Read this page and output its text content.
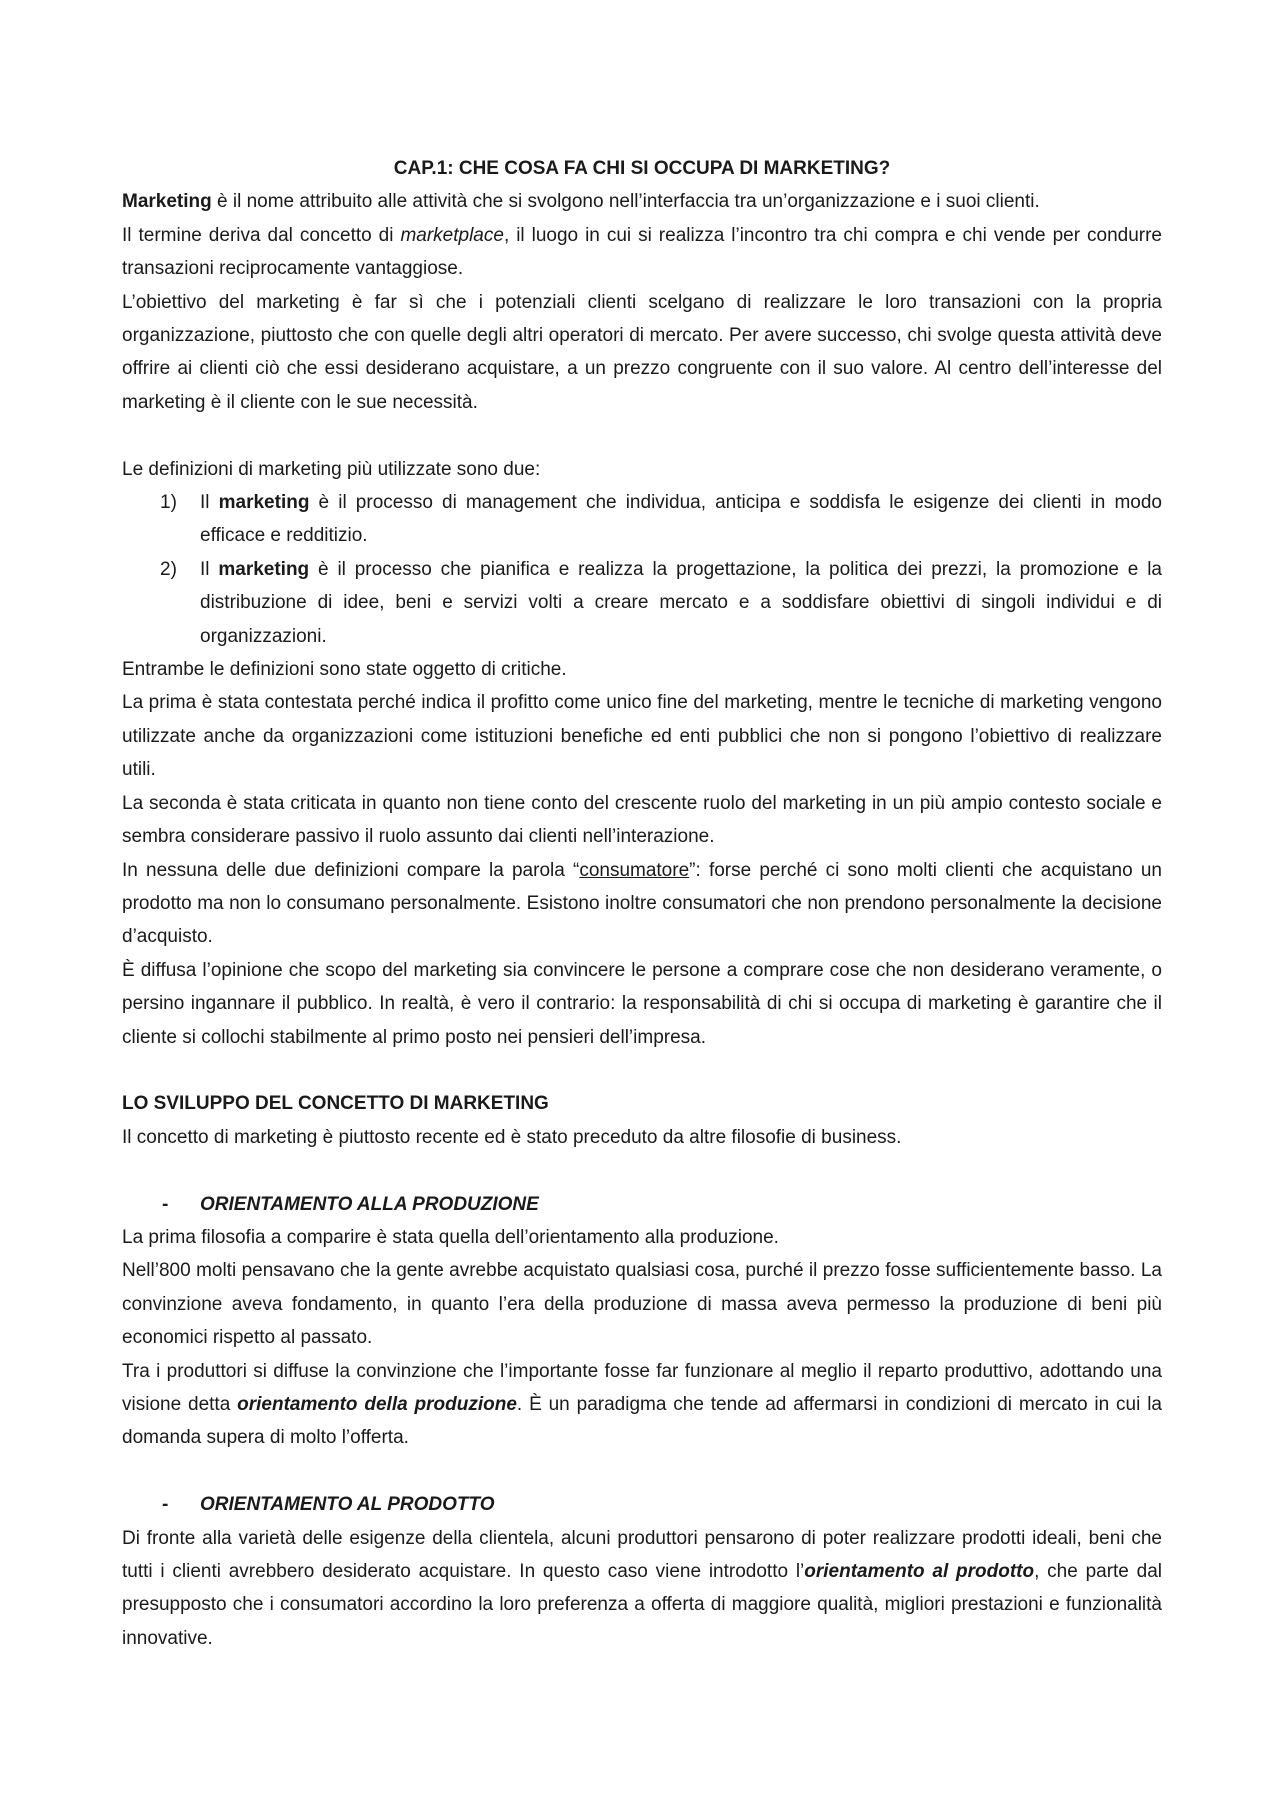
CAP.1: CHE COSA FA CHI SI OCCUPA DI MARKETING?

Marketing è il nome attribuito alle attività che si svolgono nell’interfaccia tra un’organizzazione e i suoi clienti.

Il termine deriva dal concetto di marketplace, il luogo in cui si realizza l’incontro tra chi compra e chi vende per condurre transazioni reciprocamente vantaggiose.

L’obiettivo del marketing è far sì che i potenziali clienti scelgano di realizzare le loro transazioni con la propria organizzazione, piuttosto che con quelle degli altri operatori di mercato. Per avere successo, chi svolge questa attività deve offrire ai clienti ciò che essi desiderano acquistare, a un prezzo congruente con il suo valore. Al centro dell’interesse del marketing è il cliente con le sue necessità.

Le definizioni di marketing più utilizzate sono due:

1) Il marketing è il processo di management che individua, anticipa e soddisfa le esigenze dei clienti in modo efficace e redditizio.
2) Il marketing è il processo che pianifica e realizza la progettazione, la politica dei prezzi, la promozione e la distribuzione di idee, beni e servizi volti a creare mercato e a soddisfare obiettivi di singoli individui e di organizzazioni.

Entrambe le definizioni sono state oggetto di critiche.

La prima è stata contestata perché indica il profitto come unico fine del marketing, mentre le tecniche di marketing vengono utilizzate anche da organizzazioni come istituzioni benefiche ed enti pubblici che non si pongono l’obiettivo di realizzare utili.

La seconda è stata criticata in quanto non tiene conto del crescente ruolo del marketing in un più ampio contesto sociale e sembra considerare passivo il ruolo assunto dai clienti nell’interazione.

In nessuna delle due definizioni compare la parola “consumatore”: forse perché ci sono molti clienti che acquistano un prodotto ma non lo consumano personalmente. Esistono inoltre consumatori che non prendono personalmente la decisione d’acquisto.

È diffusa l’opinione che scopo del marketing sia convincere le persone a comprare cose che non desiderano veramente, o persino ingannare il pubblico. In realtà, è vero il contrario: la responsabilità di chi si occupa di marketing è garantire che il cliente si collochi stabilmente al primo posto nei pensieri dell’impresa.

LO SVILUPPO DEL CONCETTO DI MARKETING

Il concetto di marketing è piuttosto recente ed è stato preceduto da altre filosofie di business.

- ORIENTAMENTO ALLA PRODUZIONE

La prima filosofia a comparire è stata quella dell’orientamento alla produzione.

Nell’800 molti pensavano che la gente avrebbe acquistato qualsiasi cosa, purché il prezzo fosse sufficientemente basso. La convinzione aveva fondamento, in quanto l’era della produzione di massa aveva permesso la produzione di beni più economici rispetto al passato.

Tra i produttori si diffuse la convinzione che l’importante fosse far funzionare al meglio il reparto produttivo, adottando una visione detta orientamento della produzione. È un paradigma che tende ad affermarsi in condizioni di mercato in cui la domanda supera di molto l’offerta.

- ORIENTAMENTO AL PRODOTTO

Di fronte alla varietà delle esigenze della clientela, alcuni produttori pensarono di poter realizzare prodotti ideali, beni che tutti i clienti avrebbero desiderato acquistare. In questo caso viene introdotto l’orientamento al prodotto, che parte dal presupposto che i consumatori accordino la loro preferenza a offerta di maggiore qualità, migliori prestazioni e funzionalità innovative.
